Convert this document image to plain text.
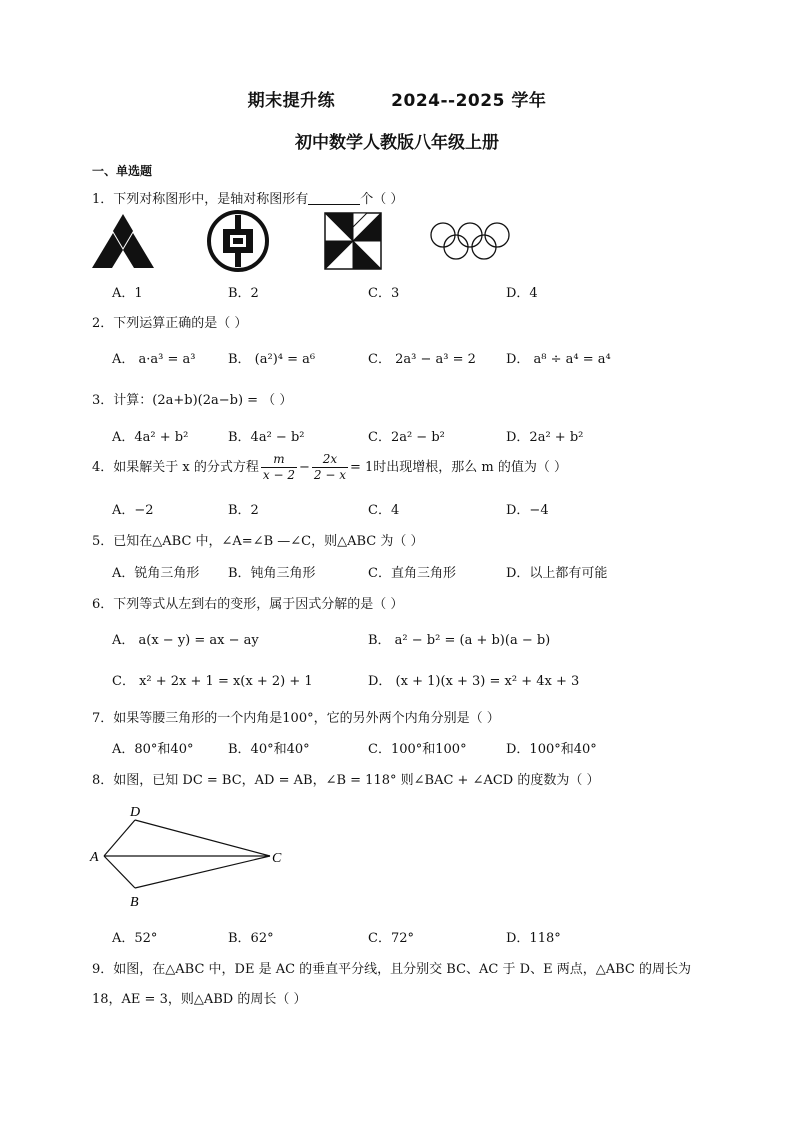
期末提升练	2024--2025 学年
初中数学人教版八年级上册
一、单选题
1．下列对称图形中，是轴对称图形有	个（ ）
A．1	B．2	C．3	D．4
2．下列运算正确的是（ ）
A． a·a³ = a³	B． (a²)⁴ = a⁶	C． 2a³ − a³ = 2 D． a⁸ ÷ a⁴ = a⁴
3．计算：(2a+b)(2a−b) = （ ）
A．4a² + b²	B．4a² − b²	C．2a² − b²	D．2a² + b²
4．如果解关于 x 的分式方程 $\frac{m}{x - 2} - \frac{2x}{2 - x} = 1$时出现增根，那么 m 的值为（ ）
A．−2	B．2	C．4	D．−4
5．已知在△ABC 中，∠A=∠B —∠C，则△ABC 为（ ）
A．锐角三角形 B．钝角三角形	C．直角三角形	D．以上都有可能
6．下列等式从左到右的变形，属于因式分解的是（ ）
A． a(x − y) = ax − ay	B． a² − b² = (a + b)(a − b)
C． x² + 2x + 1 = x(x + 2) + 1	D． (x + 1)(x + 3) = x² + 4x + 3
7．如果等腰三角形的一个内角是100°，它的另外两个内角分别是（ ）
A．80°和40°	B．40°和40°	C．100°和100°	D．100°和40°
8．如图，已知 DC = BC，AD = AB，∠B = 118° 则∠BAC + ∠ACD 的度数为（ ）
D
A	C
B
A．52°	B．62°	C．72°	D．118°
9．如图，在△ABC 中，DE 是 AC 的垂直平分线，且分别交 BC、AC 于 D、E 两点，△ABC 的周长为
18，AE = 3，则△ABD 的周长（ ）
